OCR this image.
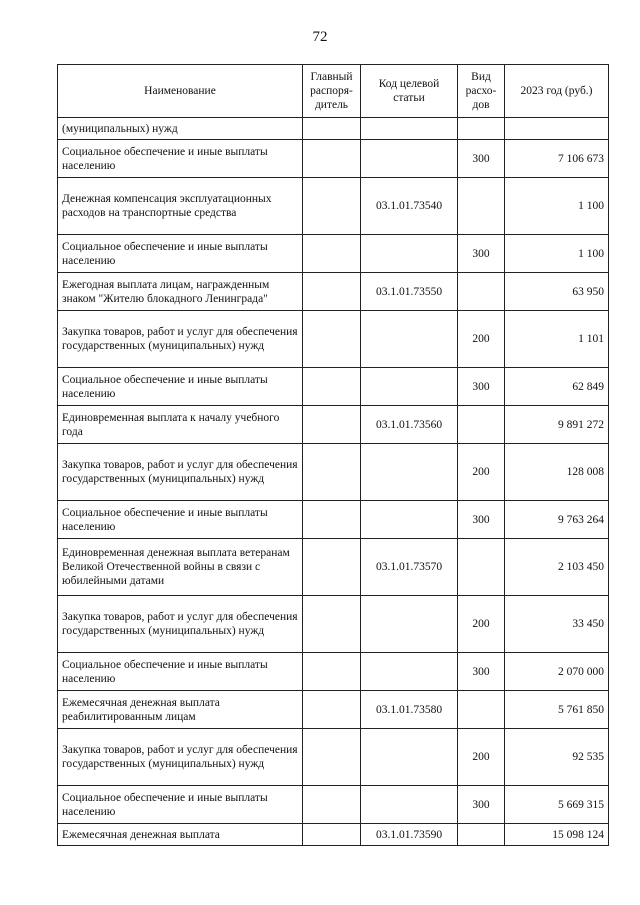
72
Наименование	Главный распоря-дитель	Код целевой статьи	Вид расхо-дов	2023 год (руб.)
(муниципальных) нужд				
Социальное обеспечение и иные выплаты населению			300	7 106 673
Денежная компенсация эксплуатационных расходов на транспортные средства		03.1.01.73540		1 100
Социальное обеспечение и иные выплаты населению			300	1 100
Ежегодная выплата лицам, награжденным знаком "Жителю блокадного Ленинграда"		03.1.01.73550		63 950
Закупка товаров, работ и услуг для обеспечения государственных (муниципальных) нужд			200	1 101
Социальное обеспечение и иные выплаты населению			300	62 849
Единовременная выплата к началу учебного года		03.1.01.73560		9 891 272
Закупка товаров, работ и услуг для обеспечения государственных (муниципальных) нужд			200	128 008
Социальное обеспечение и иные выплаты населению			300	9 763 264
Единовременная денежная выплата ветеранам Великой Отечественной войны в связи с юбилейными датами		03.1.01.73570		2 103 450
Закупка товаров, работ и услуг для обеспечения государственных (муниципальных) нужд			200	33 450
Социальное обеспечение и иные выплаты населению			300	2 070 000
Ежемесячная денежная выплата реабилитированным лицам		03.1.01.73580		5 761 850
Закупка товаров, работ и услуг для обеспечения государственных (муниципальных) нужд			200	92 535
Социальное обеспечение и иные выплаты населению			300	5 669 315
Ежемесячная денежная выплата		03.1.01.73590		15 098 124
